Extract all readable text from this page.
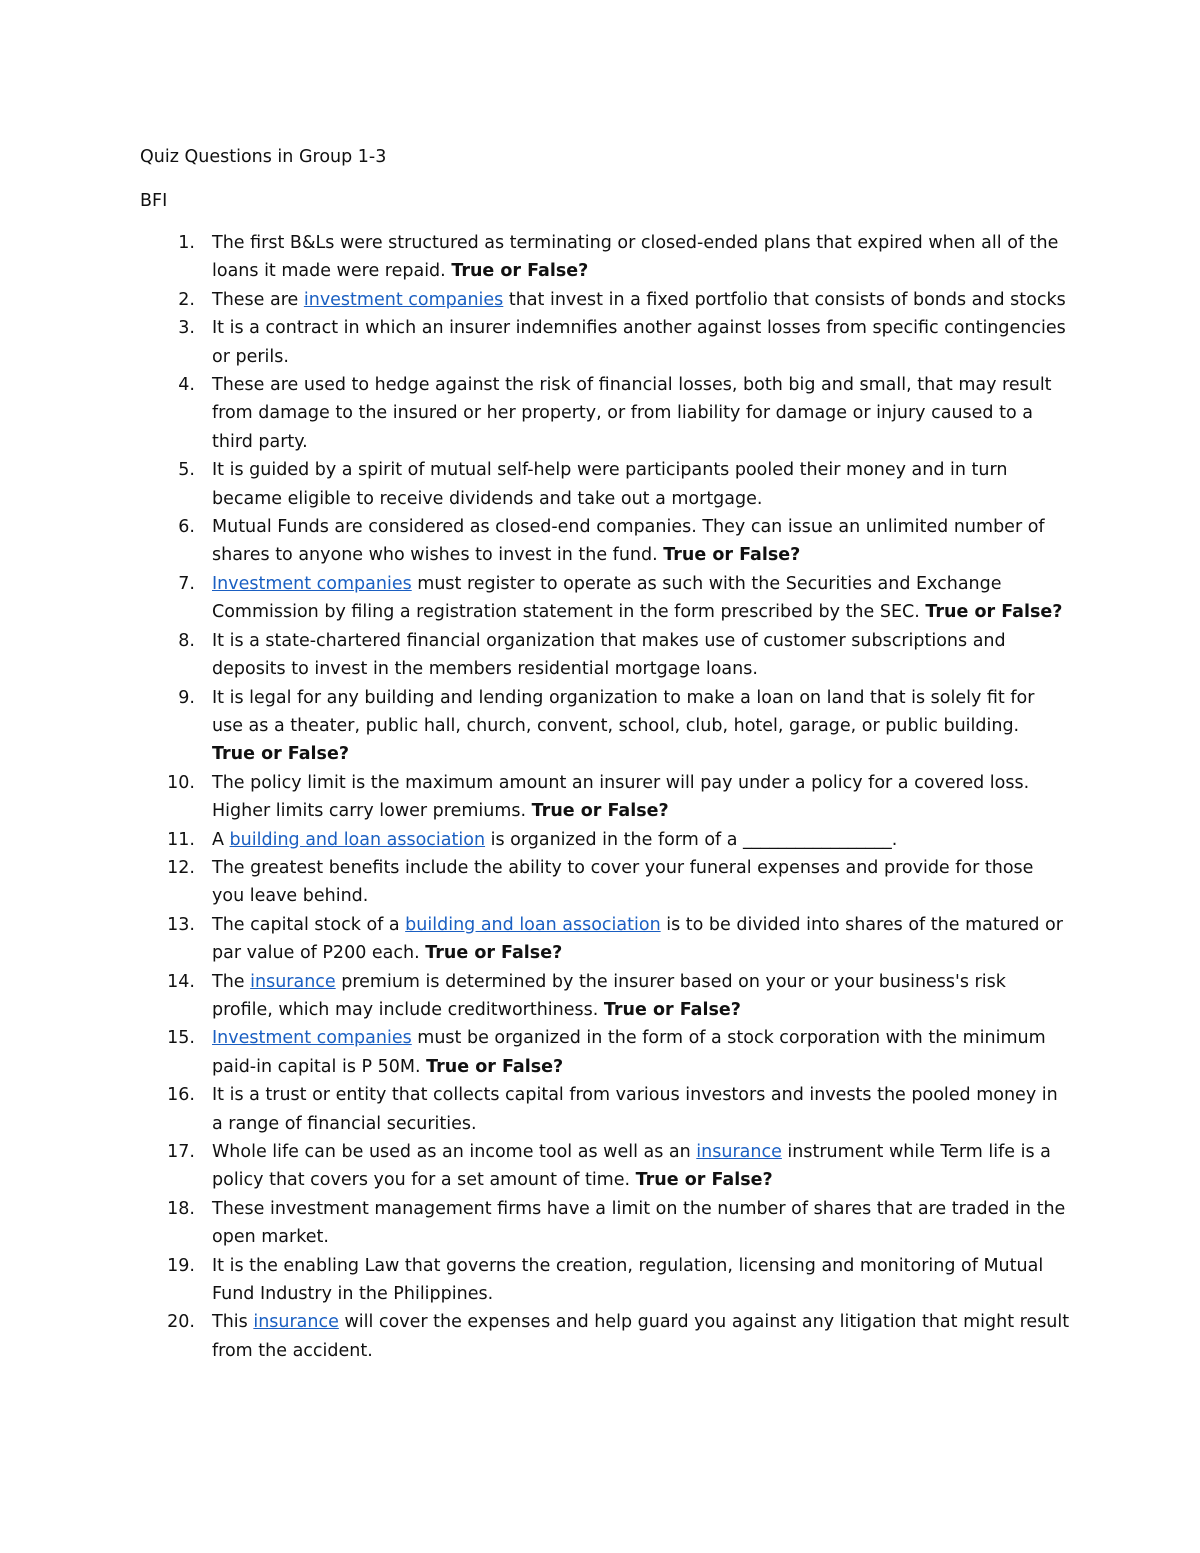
Quiz Questions in Group 1-3
BFI
1. The first B&Ls were structured as terminating or closed-ended plans that expired when all of the loans it made were repaid. True or False?
2. These are investment companies that invest in a fixed portfolio that consists of bonds and stocks
3. It is a contract in which an insurer indemnifies another against losses from specific contingencies or perils.
4. These are used to hedge against the risk of financial losses, both big and small, that may result from damage to the insured or her property, or from liability for damage or injury caused to a third party.
5. It is guided by a spirit of mutual self-help were participants pooled their money and in turn became eligible to receive dividends and take out a mortgage.
6. Mutual Funds are considered as closed-end companies. They can issue an unlimited number of shares to anyone who wishes to invest in the fund. True or False?
7. Investment companies must register to operate as such with the Securities and Exchange Commission by filing a registration statement in the form prescribed by the SEC. True or False?
8. It is a state-chartered financial organization that makes use of customer subscriptions and deposits to invest in the members residential mortgage loans.
9. It is legal for any building and lending organization to make a loan on land that is solely fit for use as a theater, public hall, church, convent, school, club, hotel, garage, or public building.
True or False?
10. The policy limit is the maximum amount an insurer will pay under a policy for a covered loss. Higher limits carry lower premiums. True or False?
11. A building and loan association is organized in the form of a _________________.
12. The greatest benefits include the ability to cover your funeral expenses and provide for those you leave behind.
13. The capital stock of a building and loan association is to be divided into shares of the matured or par value of P200 each. True or False?
14. The insurance premium is determined by the insurer based on your or your business's risk profile, which may include creditworthiness. True or False?
15. Investment companies must be organized in the form of a stock corporation with the minimum paid-in capital is P 50M. True or False?
16. It is a trust or entity that collects capital from various investors and invests the pooled money in a range of financial securities.
17. Whole life can be used as an income tool as well as an insurance instrument while Term life is a policy that covers you for a set amount of time. True or False?
18. These investment management firms have a limit on the number of shares that are traded in the open market.
19. It is the enabling Law that governs the creation, regulation, licensing and monitoring of Mutual Fund Industry in the Philippines.
20. This insurance will cover the expenses and help guard you against any litigation that might result from the accident.
